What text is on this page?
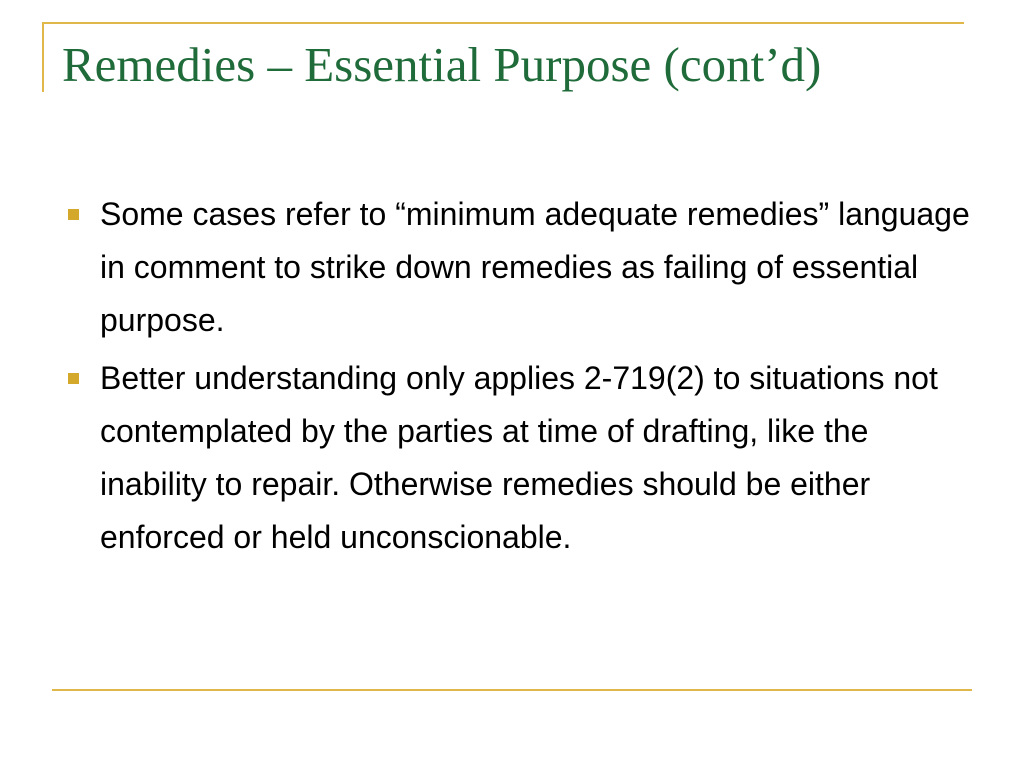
Remedies – Essential Purpose (cont’d)
Some cases refer to “minimum adequate remedies” language in comment to strike down remedies as failing of essential purpose.
Better understanding only applies 2-719(2) to situations not contemplated by the parties at time of drafting, like the inability to repair. Otherwise remedies should be either enforced or held unconscionable.
